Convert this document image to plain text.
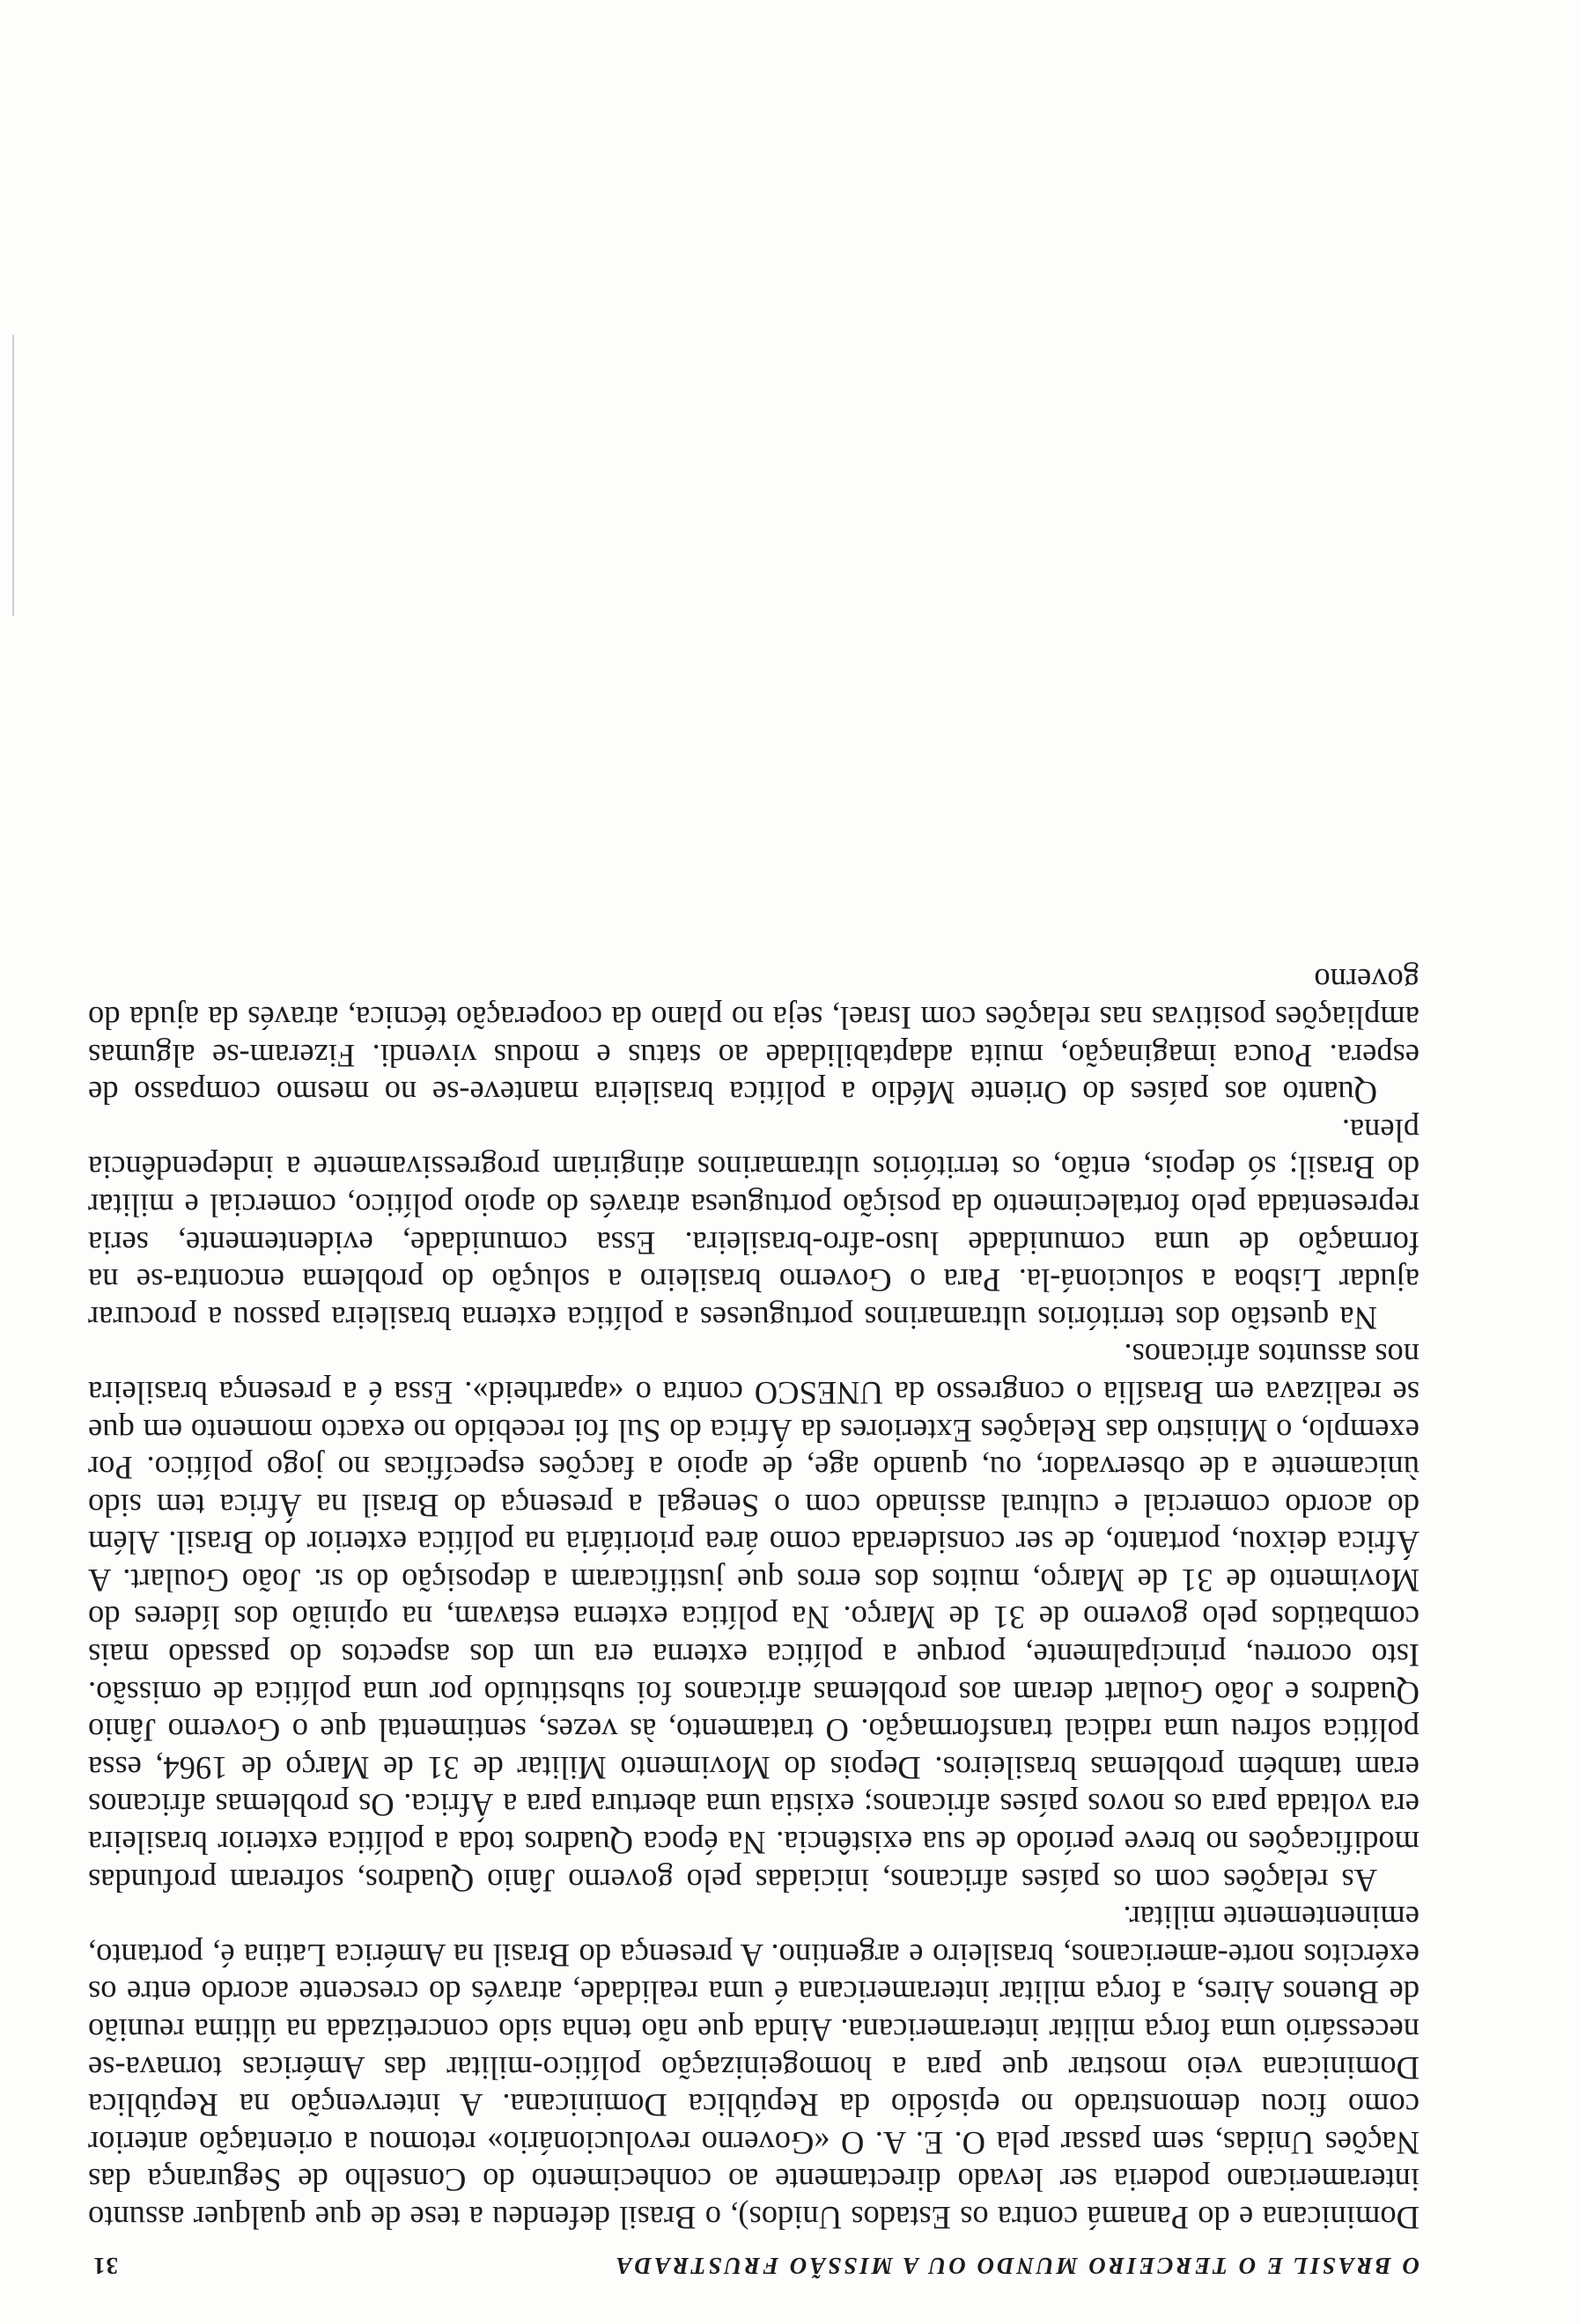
O BRASIL E O TERCEIRO MUNDO OU A MISSÃO FRUSTRADA
31

Dominicana e do Panamá contra os Estados Unidos), o Brasil defendeu a tese de que qualquer assunto interamericano poderia ser levado directamente ao conhecimento do Conselho de Segurança das Nações Unidas, sem passar pela O. E. A. O «Governo revolucionário» retomou a orientação anterior como ficou demonstrado no episódio da República Dominicana. A intervenção na República Dominicana veio mostrar que para a homogeinização político-militar das Américas tornava-se necessário uma força militar interamericana. Ainda que não tenha sido concretizada na última reunião de Buenos Aires, a força militar interamericana é uma realidade, através do crescente acordo entre os exércitos norte-americanos, brasileiro e argentino. A presença do Brasil na América Latina é, portanto, eminentemente militar.

As relações com os países africanos, iniciadas pelo governo Jânio Quadros, sofreram profundas modificações no breve período de sua existência. Na época Quadros toda a política exterior brasileira era voltada para os novos países africanos; existia uma abertura para a África. Os problemas africanos eram também problemas brasileiros. Depois do Movimento Militar de 31 de Março de 1964, essa política sofreu uma radical transformação. O tratamento, às vezes, sentimental que o Governo Jânio Quadros e João Goulart deram aos problemas africanos foi substituído por uma política de omissão. Isto ocorreu, principalmente, porque a política externa era um dos aspectos do passado mais combatidos pelo governo de 31 de Março. Na política externa estavam, na opinião dos líderes do Movimento de 31 de Março, muitos dos erros que justificaram a deposição do sr. João Goulart. A África deixou, portanto, de ser considerada como área prioritária na política exterior do Brasil. Além do acordo comercial e cultural assinado com o Senegal a presença do Brasil na África tem sido ùnicamente a de observador, ou, quando age, de apoio a facções específicas no jogo político. Por exemplo, o Ministro das Relações Exteriores da África do Sul foi recebido no exacto momento em que se realizava em Brasília o congresso da UNESCO contra o «apartheid». Essa é a presença brasileira nos assuntos africanos.

Na questão dos territórios ultramarinos portugueses a política externa brasileira passou a procurar ajudar Lisboa a solucioná-la. Para o Governo brasileiro a solução do problema encontra-se na formação de uma comunidade luso-afro-brasileira. Essa comunidade, evidentemente, seria representada pelo fortalecimento da posição portuguesa através do apoio político, comercial e militar do Brasil; só depois, então, os territórios ultramarinos atingiriam progressivamente a independência plena.

Quanto aos países do Oriente Médio a política brasileira manteve-se no mesmo compasso de espera. Pouca imaginação, muita adaptabilidade ao status e modus vivendi. Fizeram-se algumas ampliações positivas nas relações com Israel, seja no plano da cooperação técnica, através da ajuda do governo
